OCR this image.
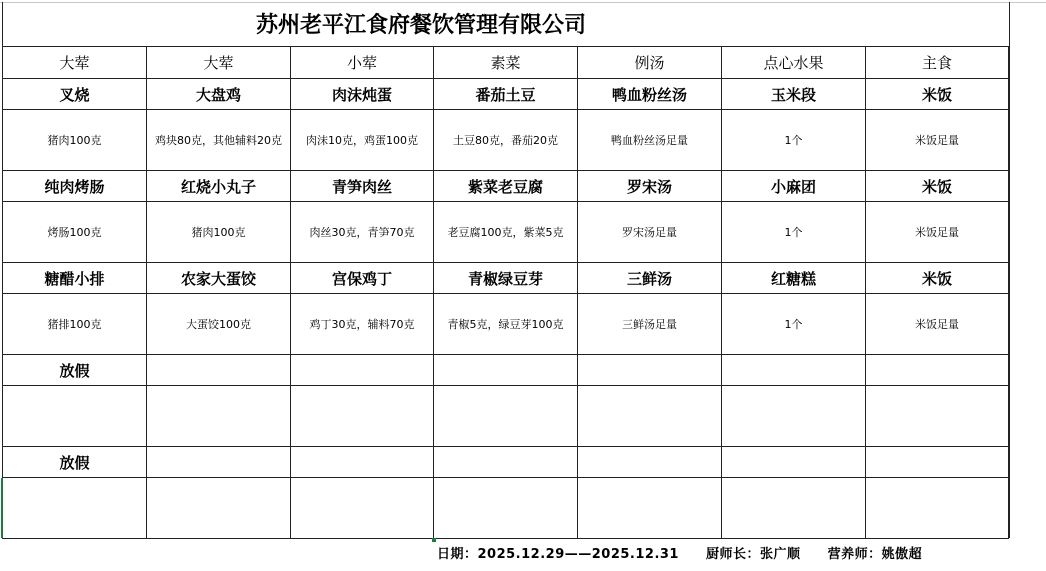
苏州老平江食府餐饮管理有限公司
大荤	大荤	小荤	素菜	例汤	点心水果	主食
叉烧	大盘鸡	肉沫炖蛋	番茄土豆	鸭血粉丝汤	玉米段	米饭
猪肉100克	鸡块80克，其他辅料20克	肉沫10克，鸡蛋100克	土豆80克，番茄20克	鸭血粉丝汤足量	1个	米饭足量
纯肉烤肠	红烧小丸子	青笋肉丝	紫菜老豆腐	罗宋汤	小麻团	米饭
烤肠100克	猪肉100克	肉丝30克，青笋70克	老豆腐100克，紫菜5克	罗宋汤足量	1个	米饭足量
糖醋小排	农家大蛋饺	宫保鸡丁	青椒绿豆芽	三鲜汤	红糖糕	米饭
猪排100克	大蛋饺100克	鸡丁30克，辅料70克	青椒5克，绿豆芽100克	三鲜汤足量	1个	米饭足量
放假						

放假						

日期：2025.12.29——2025.12.31 厨师长：张广顺 营养师：姚傲超
